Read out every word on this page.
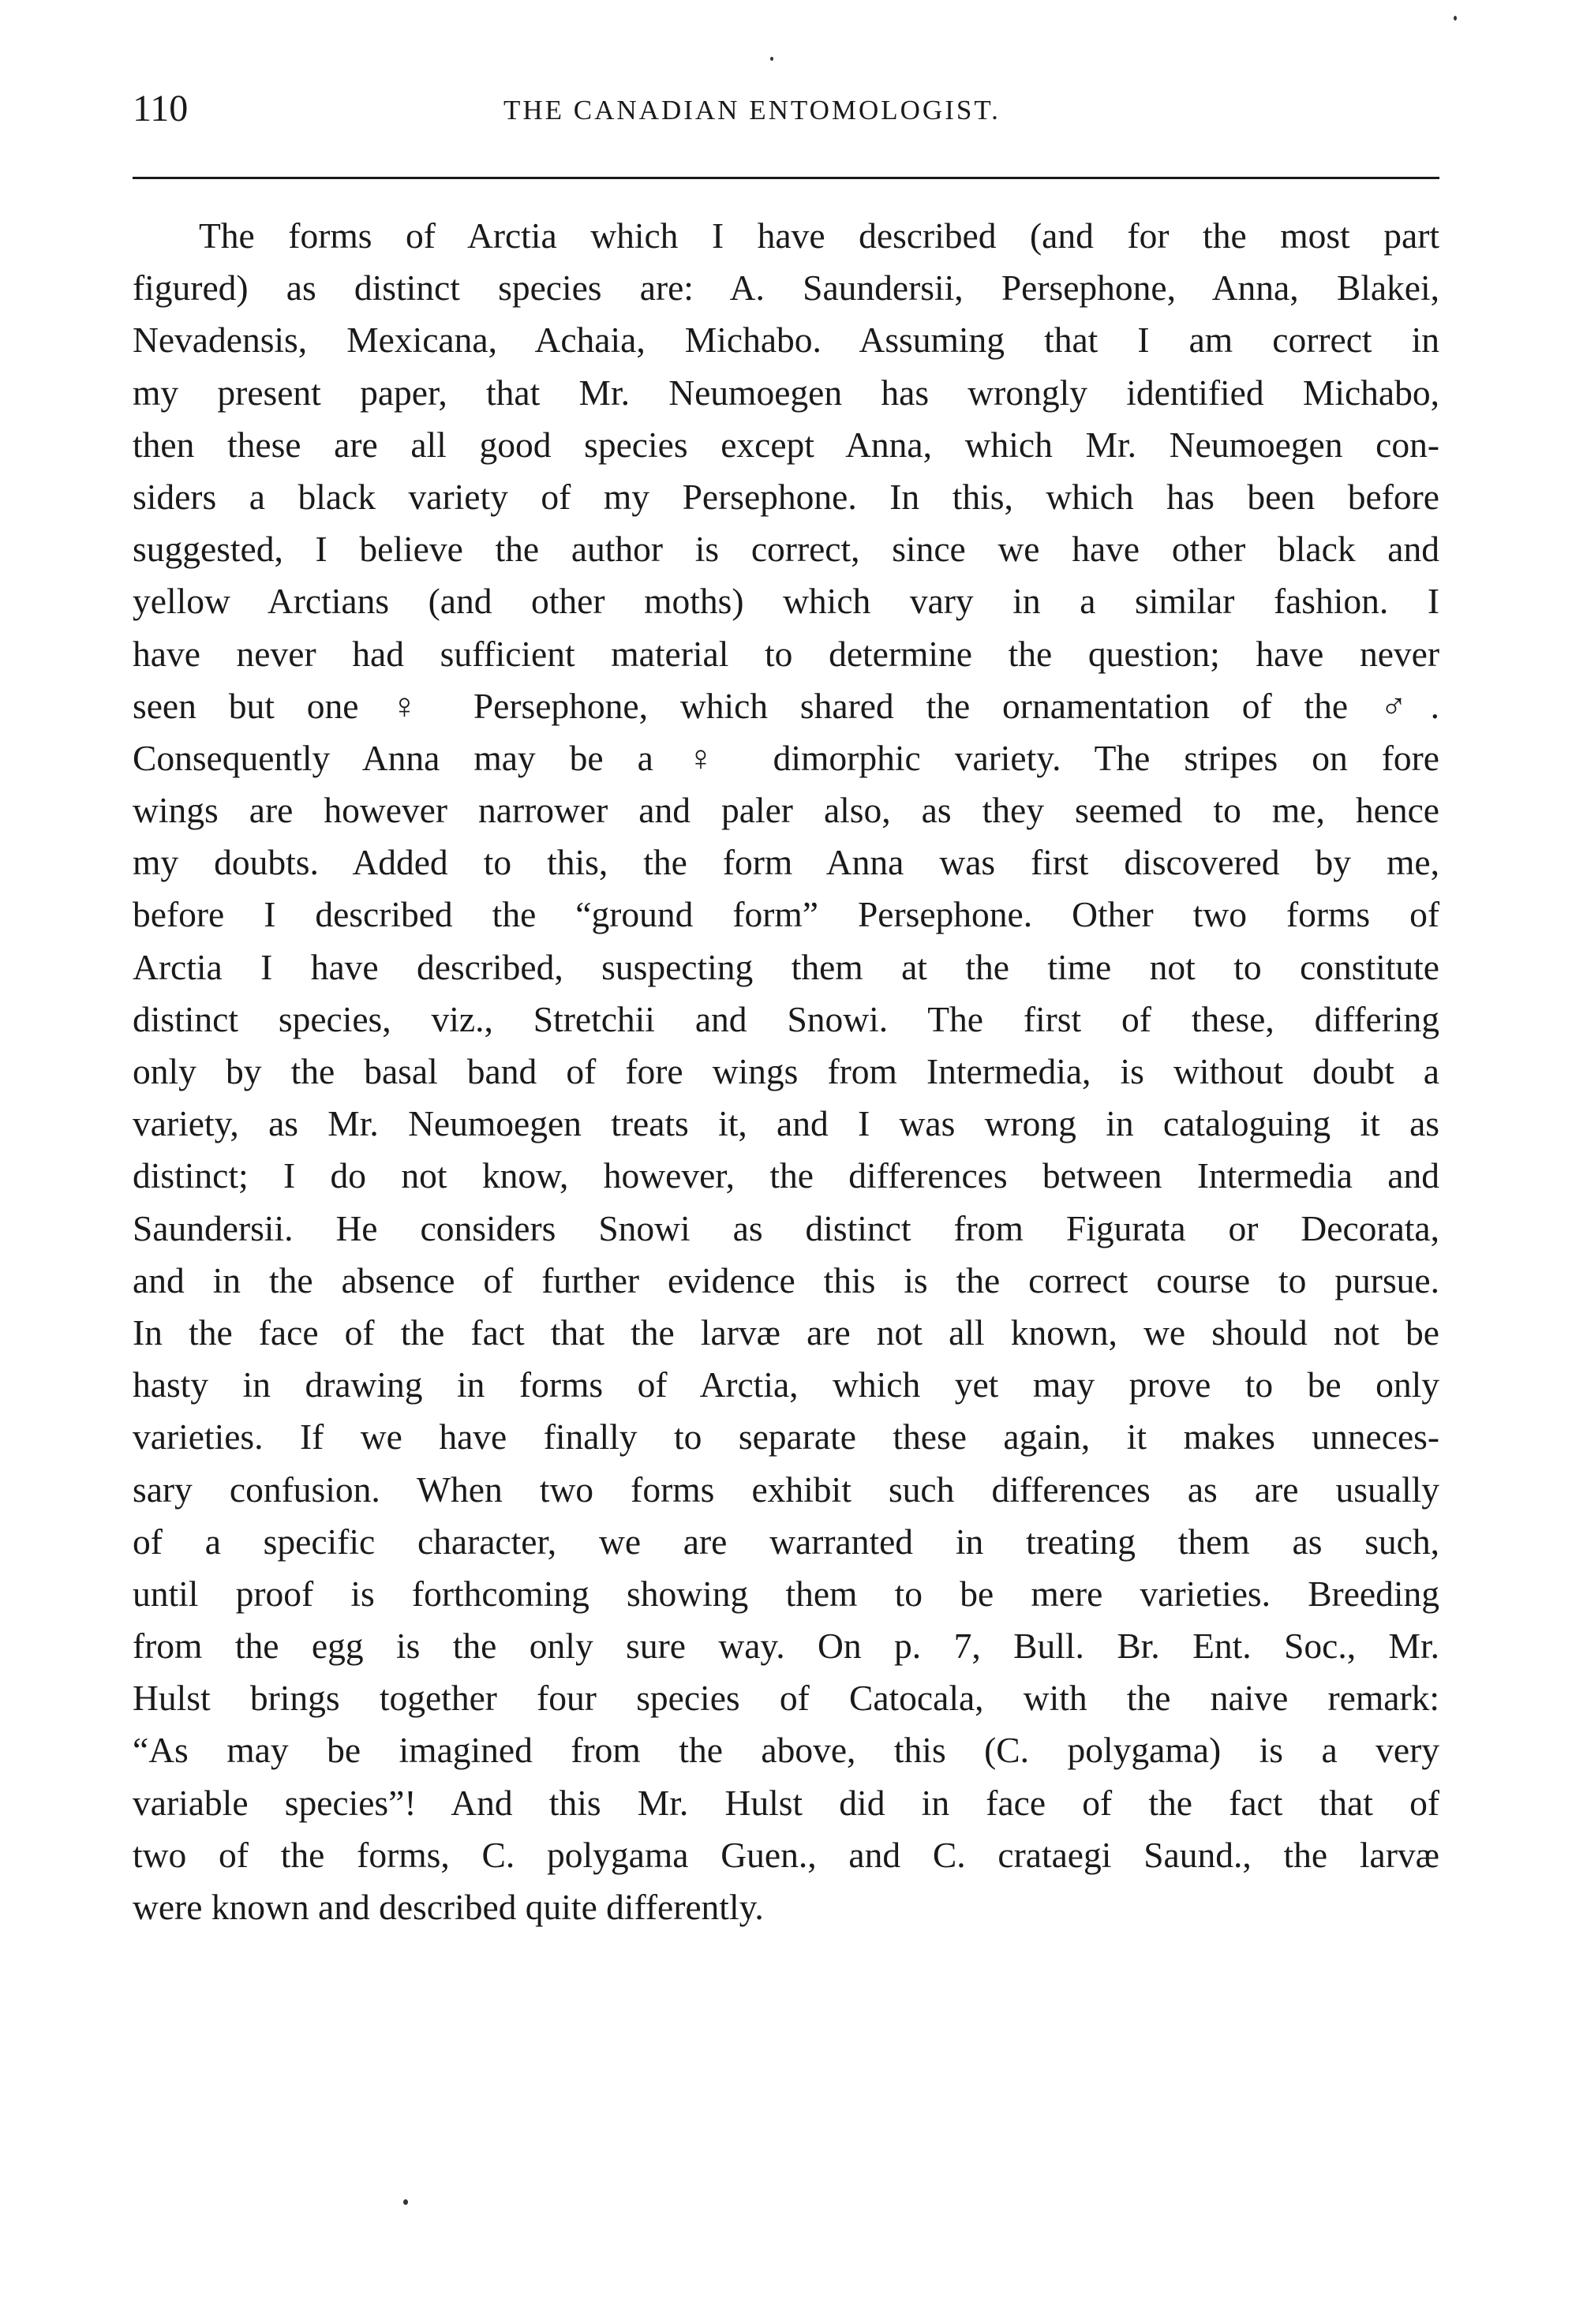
110	THE CANADIAN ENTOMOLOGIST.
The forms of Arctia which I have described (and for the most part
figured) as distinct species are: A. Saundersii, Persephone, Anna, Blakei,
Nevadensis, Mexicana, Achaia, Michabo. Assuming that I am correct in
my present paper, that Mr. Neumoegen has wrongly identified Michabo,
then these are all good species except Anna, which Mr. Neumoegen con-
siders a black variety of my Persephone. In this, which has been before
suggested, I believe the author is correct, since we have other black and
yellow Arctians (and other moths) which vary in a similar fashion. I
have never had sufficient material to determine the question; have never
seen but one ♀ Persephone, which shared the ornamentation of the ♂.
Consequently Anna may be a ♀ dimorphic variety. The stripes on fore
wings are however narrower and paler also, as they seemed to me, hence
my doubts. Added to this, the form Anna was first discovered by me,
before I described the “ground form” Persephone. Other two forms of
Arctia I have described, suspecting them at the time not to constitute
distinct species, viz., Stretchii and Snowi. The first of these, differing
only by the basal band of fore wings from Intermedia, is without doubt a
variety, as Mr. Neumoegen treats it, and I was wrong in cataloguing it as
distinct; I do not know, however, the differences between Intermedia and
Saundersii. He considers Snowi as distinct from Figurata or Decorata,
and in the absence of further evidence this is the correct course to pursue.
In the face of the fact that the larvæ are not all known, we should not be
hasty in drawing in forms of Arctia, which yet may prove to be only
varieties. If we have finally to separate these again, it makes unneces-
sary confusion. When two forms exhibit such differences as are usually
of a specific character, we are warranted in treating them as such,
until proof is forthcoming showing them to be mere varieties. Breeding
from the egg is the only sure way. On p. 7, Bull. Br. Ent. Soc., Mr.
Hulst brings together four species of Catocala, with the naive remark:
“As may be imagined from the above, this (C. polygama) is a very
variable species”! And this Mr. Hulst did in face of the fact that of
two of the forms, C. polygama Guen., and C. crataegi Saund., the larvæ
were known and described quite differently.
